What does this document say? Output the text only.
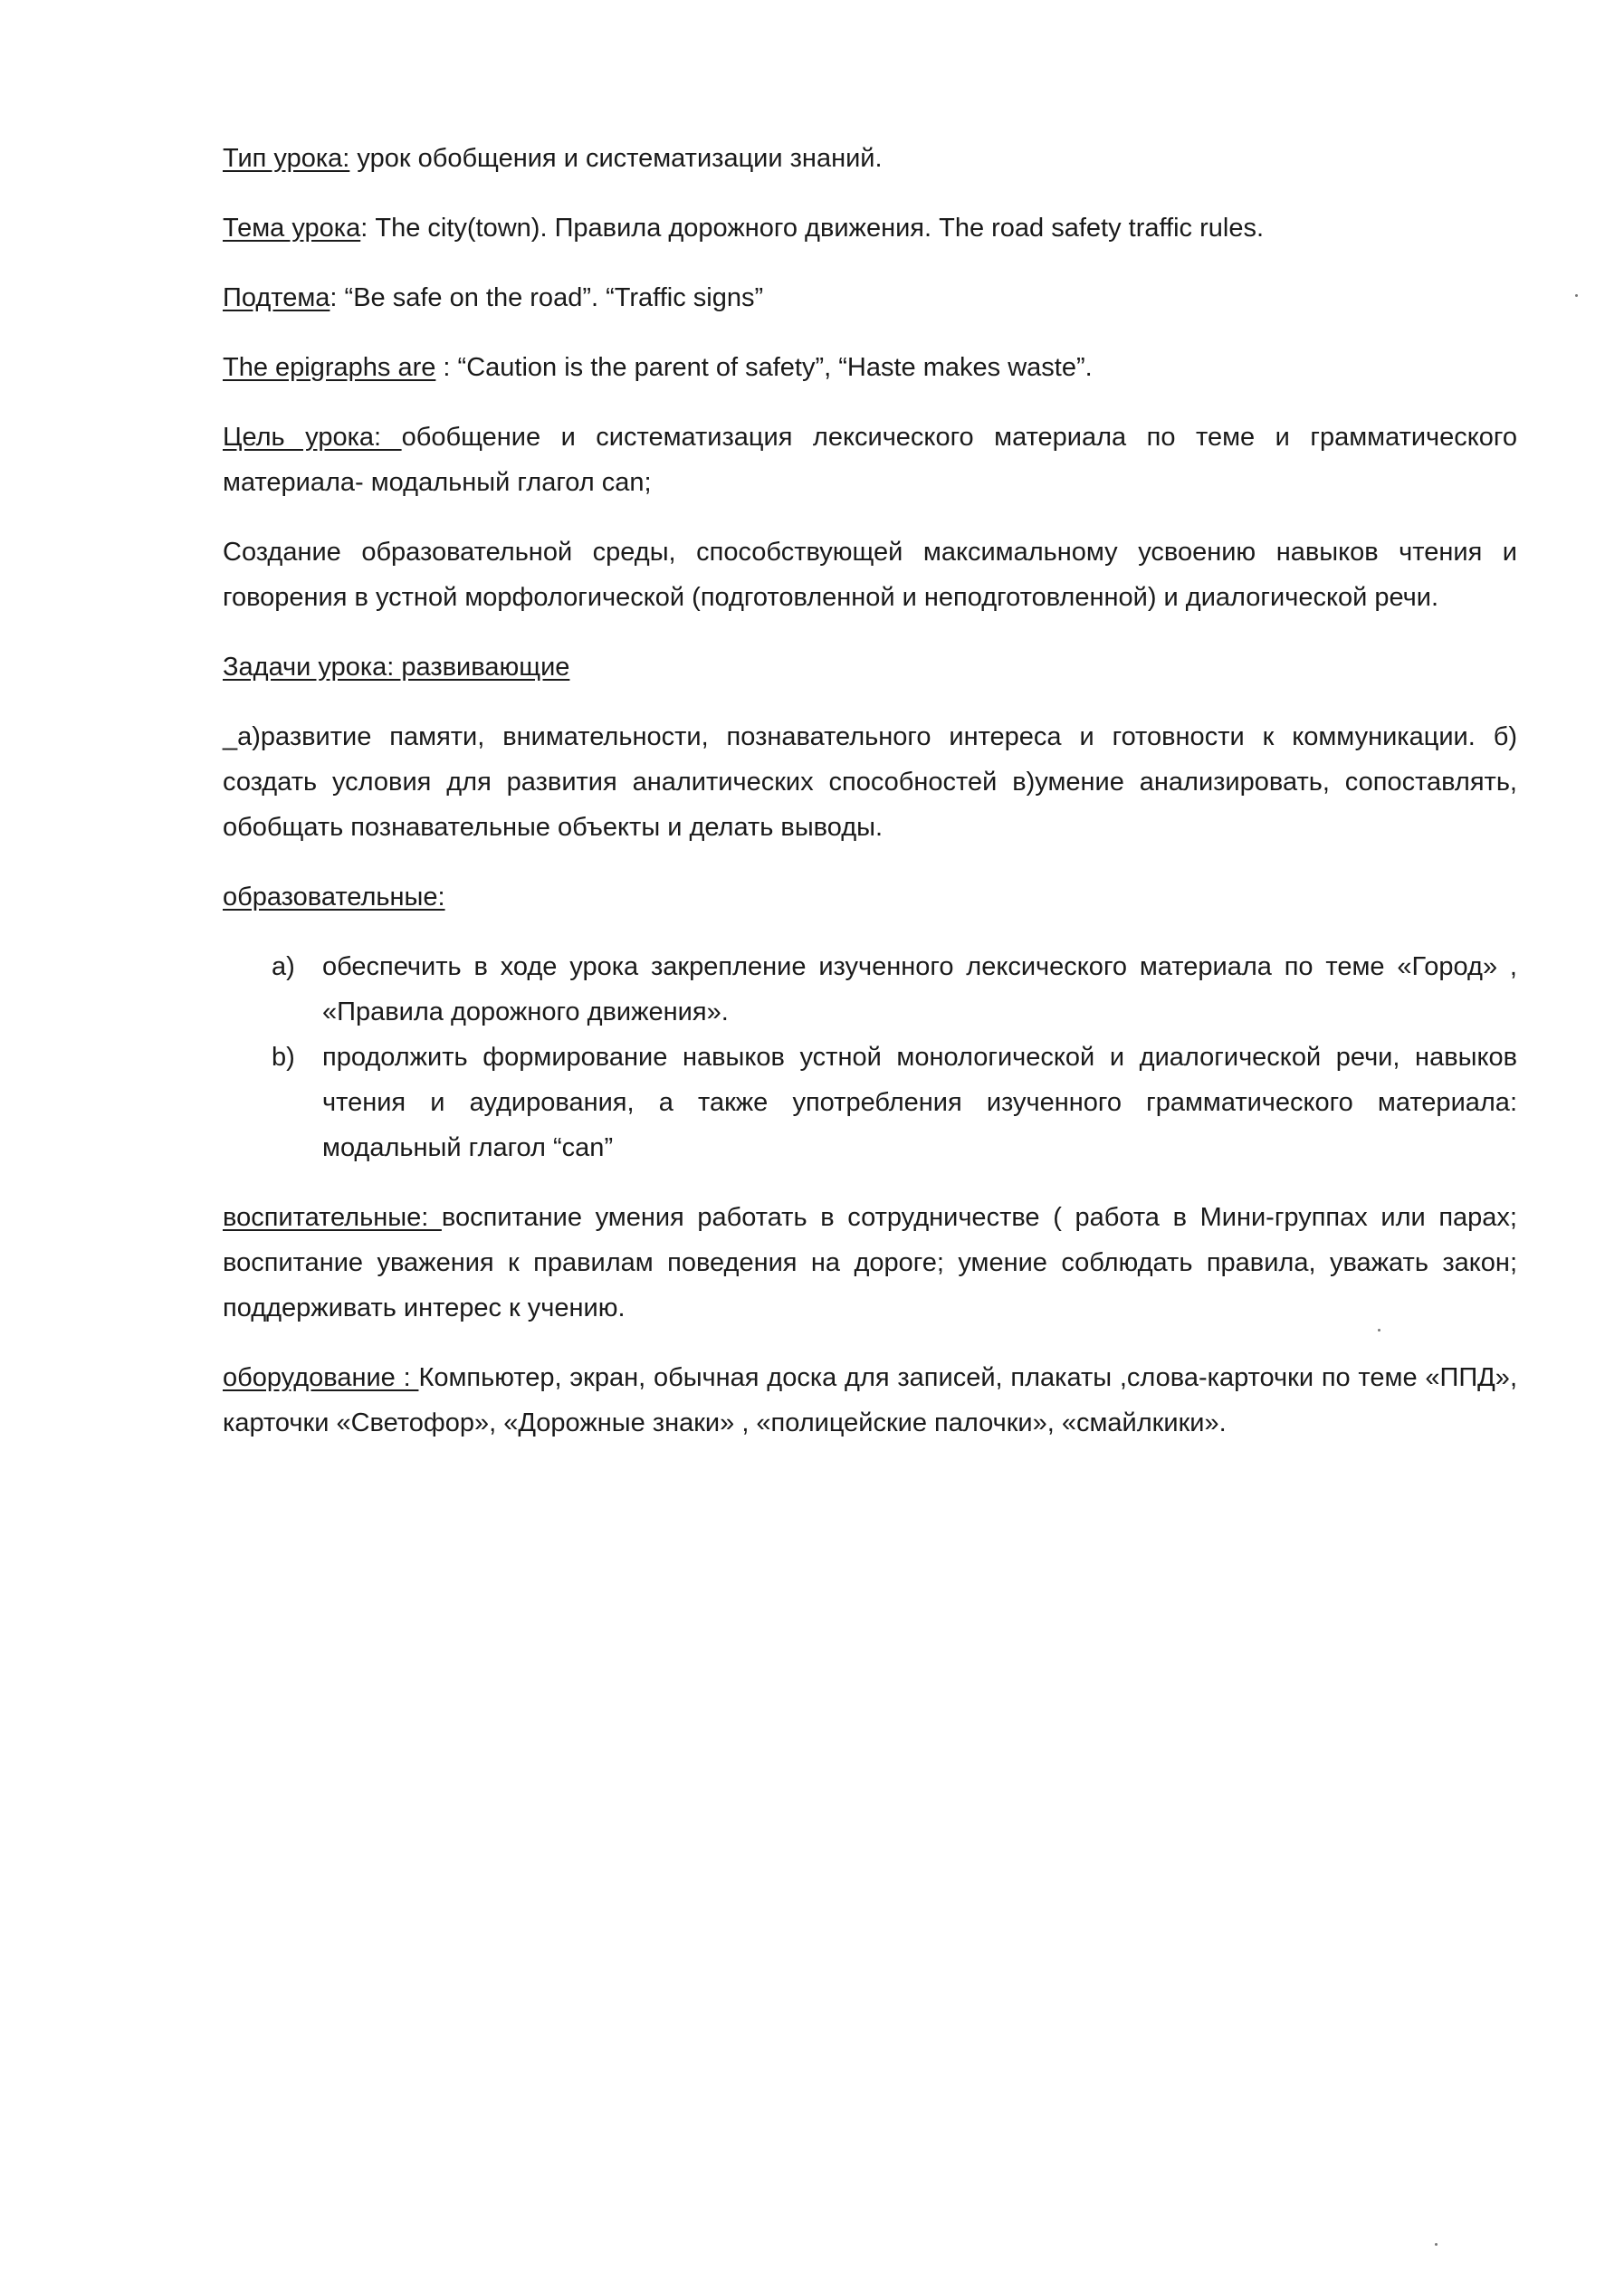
Тип урока: урок обобщения и систематизации знаний.

Тема урока: The city(town). Правила дорожного движения. The road safety traffic rules.

Подтема: “Be safe on the road”. “Traffic signs”

The epigraphs are : “Caution is the parent of safety”, “Haste makes waste”.

Цель урока: обобщение и систематизация лексического материала по теме и грамматического материала- модальный глагол can;

Создание образовательной среды, способствующей максимальному усвоению навыков чтения и говорения в устной морфологической (подготовленной и неподготовленной) и диалогической речи.

Задачи урока: развивающие

_а)развитие памяти, внимательности, познавательного интереса и готовности к коммуникации. б) создать условия для развития аналитических способностей в)умение анализировать, сопоставлять, обобщать познавательные объекты и делать выводы.

образовательные:

a) обеспечить в ходе урока закрепление изученного лексического материала по теме «Город» , «Правила дорожного движения».
b) продолжить формирование навыков устной монологической и диалогической речи, навыков чтения и аудирования, а также употребления изученного грамматического материала: модальный глагол “can”

воспитательные: воспитание умения работать в сотрудничестве ( работа в Мини-группах или парах; воспитание уважения к правилам поведения на дороге; умение соблюдать правила, уважать закон; поддерживать интерес к учению.

оборудование : Компьютер, экран, обычная доска для записей, плакаты ,слова-карточки по теме «ППД», карточки «Светофор», «Дорожные знаки» , «полицейские палочки», «смайлкики».
